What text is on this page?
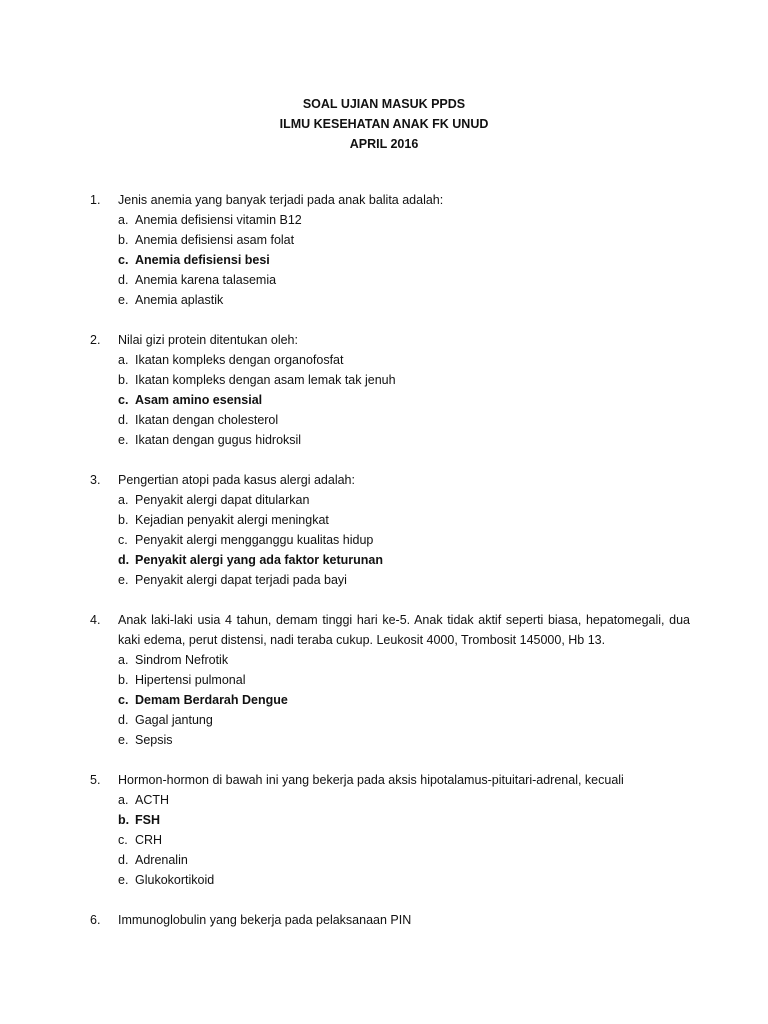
SOAL UJIAN MASUK PPDS
ILMU KESEHATAN ANAK FK UNUD
APRIL 2016
1.	Jenis anemia yang banyak terjadi pada anak balita adalah:
a. Anemia defisiensi vitamin B12
b. Anemia defisiensi asam folat
c. Anemia defisiensi besi
d. Anemia karena talasemia
e. Anemia aplastik
2.	Nilai gizi protein ditentukan oleh:
a. Ikatan kompleks dengan organofosfat
b. Ikatan kompleks dengan asam lemak tak jenuh
c. Asam amino esensial
d. Ikatan dengan cholesterol
e. Ikatan dengan gugus hidroksil
3.	Pengertian atopi pada kasus alergi adalah:
a. Penyakit alergi dapat ditularkan
b. Kejadian penyakit alergi meningkat
c. Penyakit alergi mengganggu kualitas hidup
d. Penyakit alergi yang ada faktor keturunan
e. Penyakit alergi dapat terjadi pada bayi
4.	Anak laki-laki usia 4 tahun, demam tinggi hari ke-5. Anak tidak aktif seperti biasa, hepatomegali, dua kaki edema, perut distensi, nadi teraba cukup. Leukosit 4000, Trombosit 145000, Hb 13.
a. Sindrom Nefrotik
b. Hipertensi pulmonal
c. Demam Berdarah Dengue
d. Gagal jantung
e. Sepsis
5.	Hormon-hormon di bawah ini yang bekerja pada aksis hipotalamus-pituitari-adrenal, kecuali
a. ACTH
b. FSH
c. CRH
d. Adrenalin
e. Glukokortikoid
6.	Immunoglobulin yang bekerja pada pelaksanaan PIN
